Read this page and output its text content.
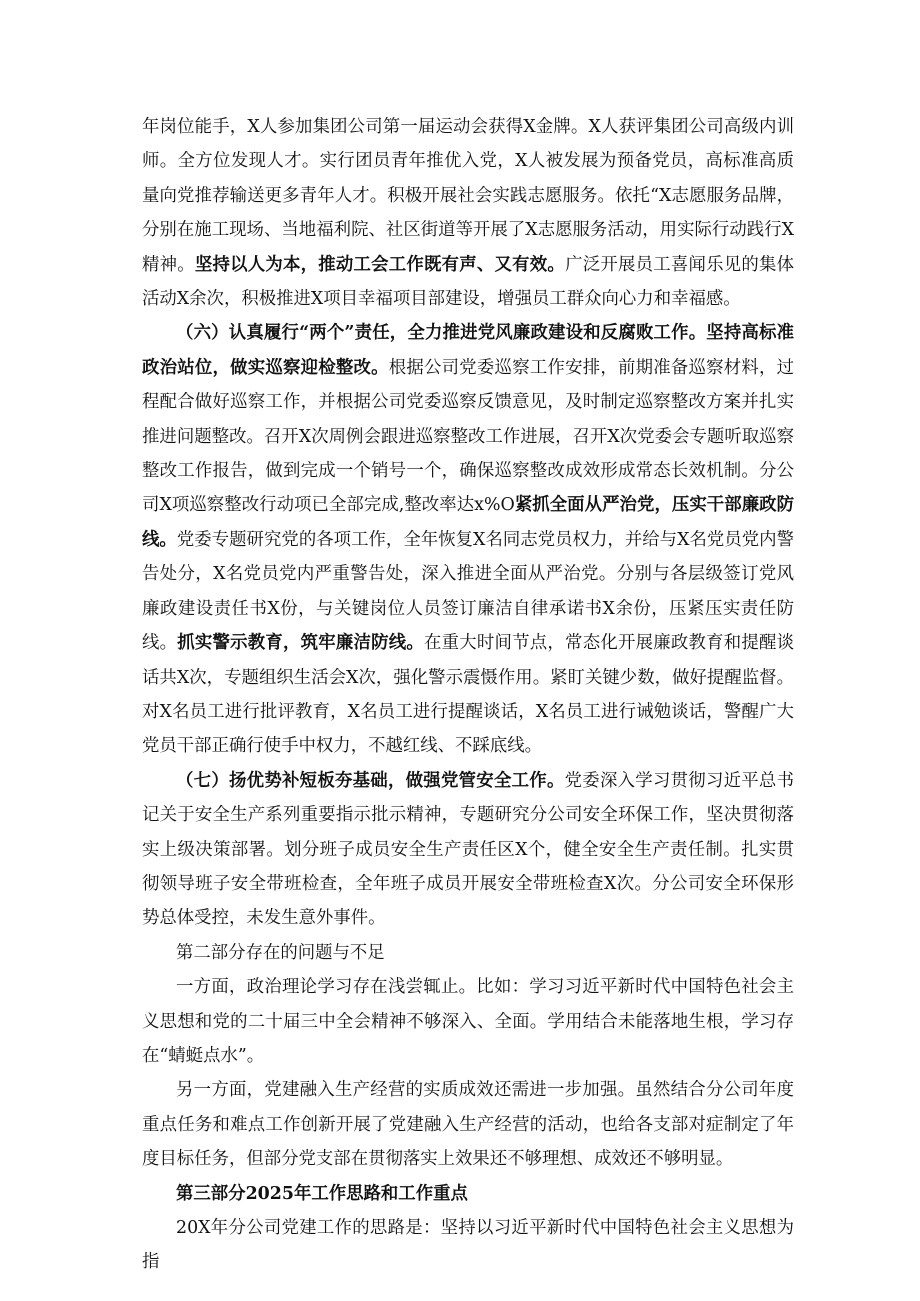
年岗位能手，X人参加集团公司第一届运动会获得X金牌。X人获评集团公司高级内训师。全方位发现人才。实行团员青年推优入党，X人被发展为预备党员，高标准高质量向党推荐输送更多青年人才。积极开展社会实践志愿服务。依托“X志愿服务品牌，分别在施工现场、当地福利院、社区街道等开展了X志愿服务活动，用实际行动践行X精神。坚持以人为本，推动工会工作既有声、又有效。广泛开展员工喜闻乐见的集体活动X余次，积极推进X项目幸福项目部建设，增强员工群众向心力和幸福感。

（六）认真履行“两个”责任，全力推进党风廉政建设和反腐败工作。坚持高标准政治站位，做实巡察迎检整改。根据公司党委巡察工作安排，前期准备巡察材料，过程配合做好巡察工作，并根据公司党委巡察反馈意见，及时制定巡察整改方案并扎实推进问题整改。召开X次周例会跟进巡察整改工作进展，召开X次党委会专题听取巡察整改工作报告，做到完成一个销号一个，确保巡察整改成效形成常态长效机制。分公司X项巡察整改行动项已全部完成,整改率达x%O紧抓全面从严治党，压实干部廉政防线。党委专题研究党的各项工作，全年恢复X名同志党员权力，并给与X名党员党内警告处分，X名党员党内严重警告处，深入推进全面从严治党。分别与各层级签订党风廉政建设责任书X份，与关键岗位人员签订廉洁自律承诺书X余份，压紧压实责任防线。抓实警示教育，筑牢廉洁防线。在重大时间节点，常态化开展廉政教育和提醒谈话共X次，专题组织生活会X次，强化警示震慑作用。紧盯关键少数，做好提醒监督。对X名员工进行批评教育，X名员工进行提醒谈话，X名员工进行诫勉谈话，警醒广大党员干部正确行使手中权力，不越红线、不踩底线。

（七）扬优势补短板夯基础，做强党管安全工作。党委深入学习贯彻习近平总书记关于安全生产系列重要指示批示精神，专题研究分公司安全环保工作，坚决贯彻落实上级决策部署。划分班子成员安全生产责任区X个，健全安全生产责任制。扎实贯彻领导班子安全带班检查，全年班子成员开展安全带班检查X次。分公司安全环保形势总体受控，未发生意外事件。

第二部分存在的问题与不足

一方面，政治理论学习存在浅尝辄止。比如：学习习近平新时代中国特色社会主义思想和党的二十届三中全会精神不够深入、全面。学用结合未能落地生根，学习存在“蜻蜓点水”。

另一方面，党建融入生产经营的实质成效还需进一步加强。虽然结合分公司年度重点任务和难点工作创新开展了党建融入生产经营的活动，也给各支部对症制定了年度目标任务，但部分党支部在贯彻落实上效果还不够理想、成效还不够明显。

第三部分2025年工作思路和工作重点

20X年分公司党建工作的思路是：坚持以习近平新时代中国特色社会主义思想为指
